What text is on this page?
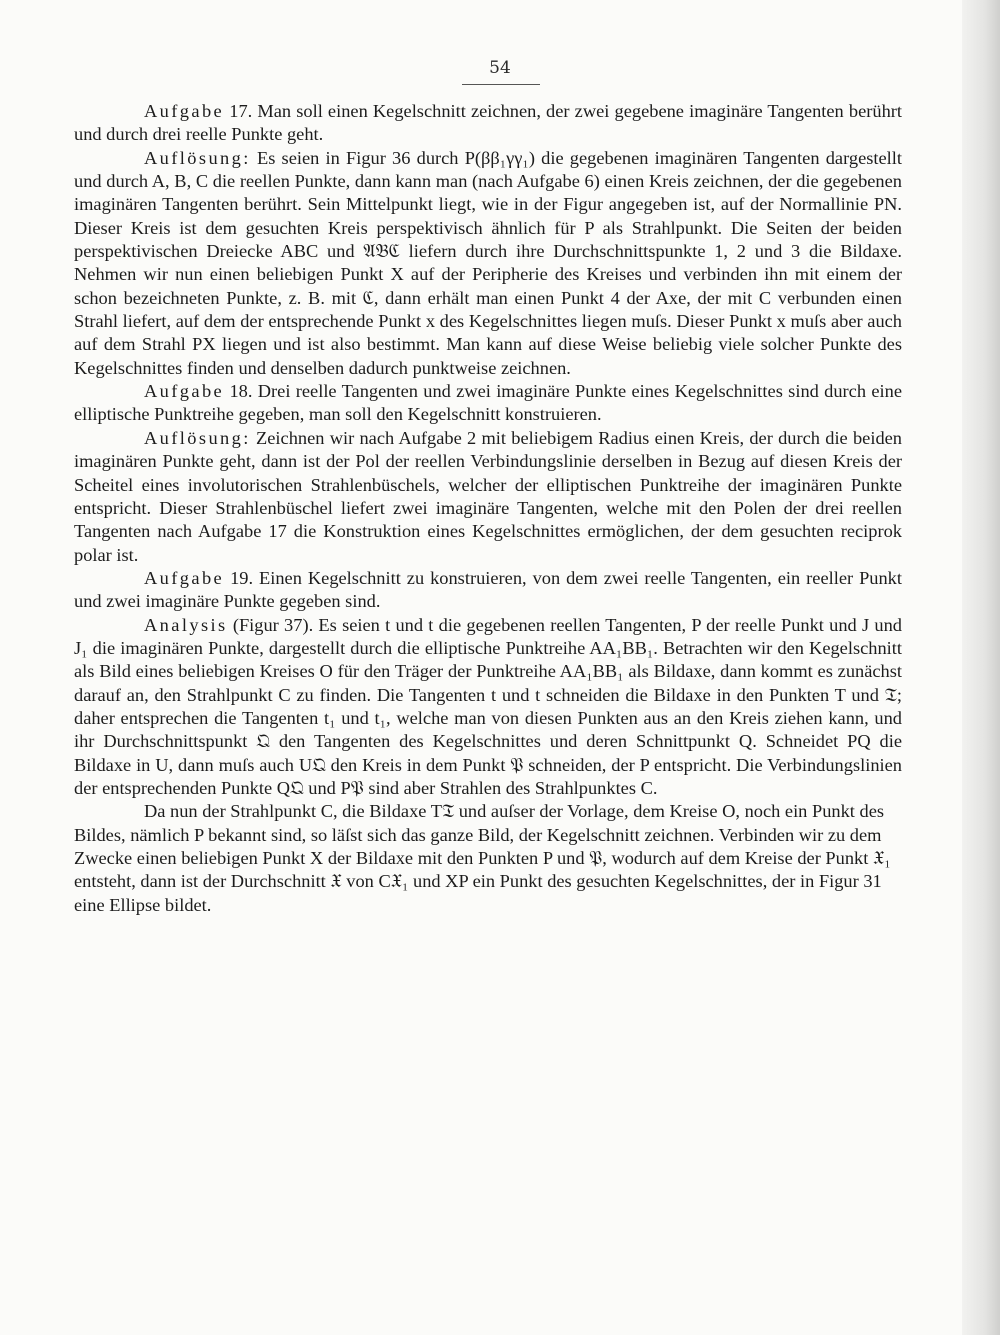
54

Aufgabe 17. Man soll einen Kegelschnitt zeichnen, der zwei gegebene imaginäre Tangenten berührt und durch drei reelle Punkte geht.

Auflösung: Es seien in Figur 36 durch P(ββ₁γγ₁) die gegebenen imaginären Tangenten dargestellt und durch A, B, C die reellen Punkte, dann kann man (nach Aufgabe 6) einen Kreis zeichnen, der die gegebenen imaginären Tangenten berührt. Sein Mittelpunkt liegt, wie in der Figur angegeben ist, auf der Normallinie PN. Dieser Kreis ist dem gesuchten Kreis perspektivisch ähnlich für P als Strahlpunkt. Die Seiten der beiden perspektivischen Dreiecke ABC und 𝔄𝔅ℭ liefern durch ihre Durchschnittspunkte 1, 2 und 3 die Bildaxe. Nehmen wir nun einen beliebigen Punkt X auf der Peripherie des Kreises und verbinden ihn mit einem der schon bezeichneten Punkte, z. B. mit ℭ, dann erhält man einen Punkt 4 der Axe, der mit C verbunden einen Strahl liefert, auf dem der entsprechende Punkt x des Kegelschnittes liegen muſs. Dieser Punkt x muſs aber auch auf dem Strahl PX liegen und ist also bestimmt. Man kann auf diese Weise beliebig viele solcher Punkte des Kegelschnittes finden und denselben dadurch punktweise zeichnen.

Aufgabe 18. Drei reelle Tangenten und zwei imaginäre Punkte eines Kegelschnittes sind durch eine elliptische Punktreihe gegeben, man soll den Kegelschnitt konstruieren.

Auflösung: Zeichnen wir nach Aufgabe 2 mit beliebigem Radius einen Kreis, der durch die beiden imaginären Punkte geht, dann ist der Pol der reellen Verbindungslinie derselben in Bezug auf diesen Kreis der Scheitel eines involutorischen Strahlenbüschels, welcher der elliptischen Punktreihe der imaginären Punkte entspricht. Dieser Strahlenbüschel liefert zwei imaginäre Tangenten, welche mit den Polen der drei reellen Tangenten nach Aufgabe 17 die Konstruktion eines Kegelschnittes ermöglichen, der dem gesuchten reciprok polar ist.

Aufgabe 19. Einen Kegelschnitt zu konstruieren, von dem zwei reelle Tangenten, ein reeller Punkt und zwei imaginäre Punkte gegeben sind.

Analysis (Figur 37). Es seien t und t die gegebenen reellen Tangenten, P der reelle Punkt und J und J₁ die imaginären Punkte, dargestellt durch die elliptische Punktreihe AA₁BB₁. Betrachten wir den Kegelschnitt als Bild eines beliebigen Kreises O für den Träger der Punktreihe AA₁BB₁ als Bildaxe, dann kommt es zunächst darauf an, den Strahlpunkt C zu finden. Die Tangenten t und t schneiden die Bildaxe in den Punkten T und 𝔗; daher entsprechen die Tangenten t₁ und t₁, welche man von diesen Punkten aus an den Kreis ziehen kann, und ihr Durchschnittspunkt 𝔔 den Tangenten des Kegelschnittes und deren Schnittpunkt Q. Schneidet PQ die Bildaxe in U, dann muſs auch U𝔔 den Kreis in dem Punkt 𝔓 schneiden, der P entspricht. Die Verbindungslinien der entsprechenden Punkte Q𝔔 und P𝔓 sind aber Strahlen des Strahlpunktes C.

Da nun der Strahlpunkt C, die Bildaxe T𝔗 und auſser der Vorlage, dem Kreise O, noch ein Punkt des Bildes, nämlich P bekannt sind, so läſst sich das ganze Bild, der Kegelschnitt zeichnen. Verbinden wir zu dem Zwecke einen beliebigen Punkt X der Bildaxe mit den Punkten P und 𝔓, wodurch auf dem Kreise der Punkt 𝔛₁ entsteht, dann ist der Durchschnitt 𝔛 von C𝔛₁ und XP ein Punkt des gesuchten Kegelschnittes, der in Figur 31 eine Ellipse bildet.
